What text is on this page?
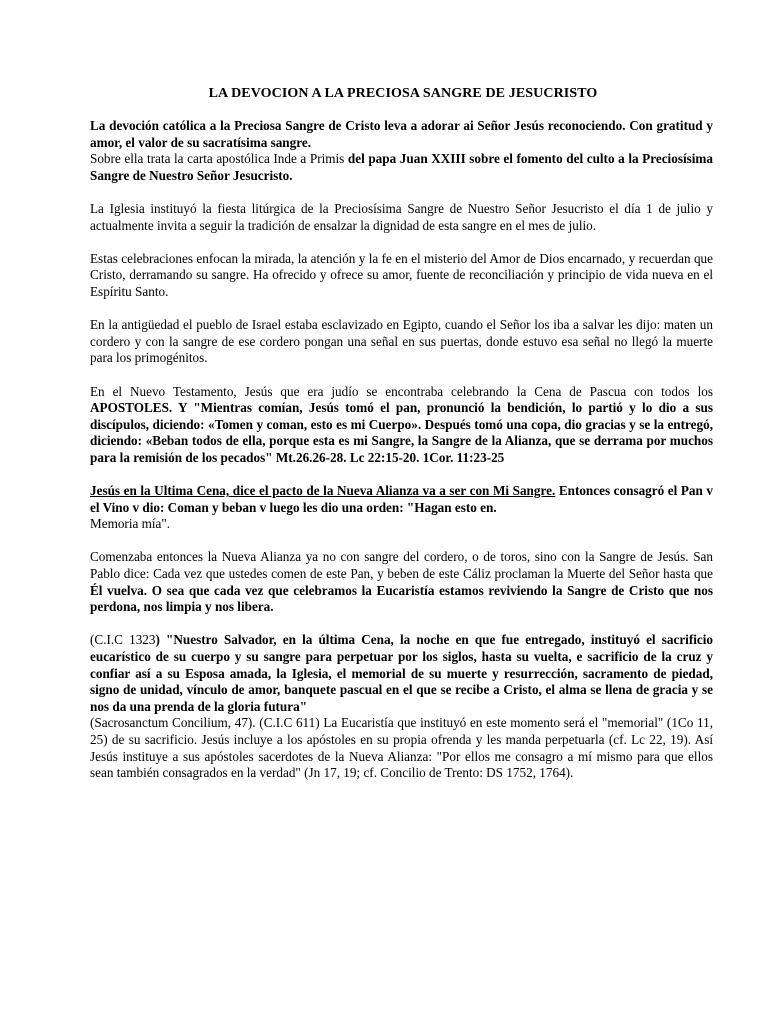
LA DEVOCION A LA PRECIOSA SANGRE DE JESUCRISTO

La devoción católica a la Preciosa Sangre de Cristo leva a adorar ai Señor Jesús reconociendo. Con gratitud y amor, el valor de su sacratísima sangre.
Sobre ella trata la carta apostólica Inde a Primis del papa Juan XXIII sobre el fomento del culto a la Preciosísima Sangre de Nuestro Señor Jesucristo.

La Iglesia instituyó la fiesta litúrgica de la Preciosísima Sangre de Nuestro Señor Jesucristo el día 1 de julio y actualmente invita a seguir la tradición de ensalzar la dignidad de esta sangre en el mes de julio.

Estas celebraciones enfocan la mirada, la atención y la fe en el misterio del Amor de Dios encarnado, y recuerdan que Cristo, derramando su sangre. Ha ofrecido y ofrece su amor, fuente de reconciliación y principio de vida nueva en el Espíritu Santo.

En la antigüedad el pueblo de Israel estaba esclavizado en Egipto, cuando el Señor los iba a salvar les dijo: maten un cordero y con la sangre de ese cordero pongan una señal en sus puertas, donde estuvo esa señal no llegó la muerte para los primogénitos.

En el Nuevo Testamento, Jesús que era judío se encontraba celebrando la Cena de Pascua con todos los APOSTOLES. Y "Mientras comían, Jesús tomó el pan, pronunció la bendición, lo partió y lo dio a sus discípulos, diciendo: «Tomen y coman, esto es mi Cuerpo». Después tomó una copa, dio gracias y se la entregó, diciendo: «Beban todos de ella, porque esta es mi Sangre, la Sangre de la Alianza, que se derrama por muchos para la remisión de los pecados" Mt.26.26-28. Lc 22:15-20. 1Cor. 11:23-25

Jesús en la Ultima Cena, dice el pacto de la Nueva Alianza va a ser con Mi Sangre. Entonces consagró el Pan v el Vino v dio: Coman y beban v luego les dio una orden: "Hagan esto en.
Memoria mía".

Comenzaba entonces la Nueva Alianza ya no con sangre del cordero, o de toros, sino con la Sangre de Jesús. San Pablo dice: Cada vez que ustedes comen de este Pan, y beben de este Cáliz proclaman la Muerte del Señor hasta que Él vuelva. O sea que cada vez que celebramos la Eucaristía estamos reviviendo la Sangre de Cristo que nos perdona, nos limpia y nos libera.

(C.I.C 1323) "Nuestro Salvador, en la última Cena, la noche en que fue entregado, instituyó el sacrificio eucarístico de su cuerpo y su sangre para perpetuar por los siglos, hasta su vuelta, e sacrificio de la cruz y confiar así a su Esposa amada, la Iglesia, el memorial de su muerte y resurrección, sacramento de piedad, signo de unidad, vínculo de amor, banquete pascual en el que se recibe a Cristo, el alma se llena de gracia y se nos da una prenda de la gloria futura"
(Sacrosanctum Concilium, 47). (C.I.C 611) La Eucaristía que instituyó en este momento será el "memorial" (1Co 11, 25) de su sacrificio. Jesús incluye a los apóstoles en su propia ofrenda y les manda perpetuarla (cf. Lc 22, 19). Así Jesús instituye a sus apóstoles sacerdotes de la Nueva Alianza: "Por ellos me consagro a mí mismo para que ellos sean también consagrados en la verdad" (Jn 17, 19; cf. Concilio de Trento: DS 1752, 1764).
